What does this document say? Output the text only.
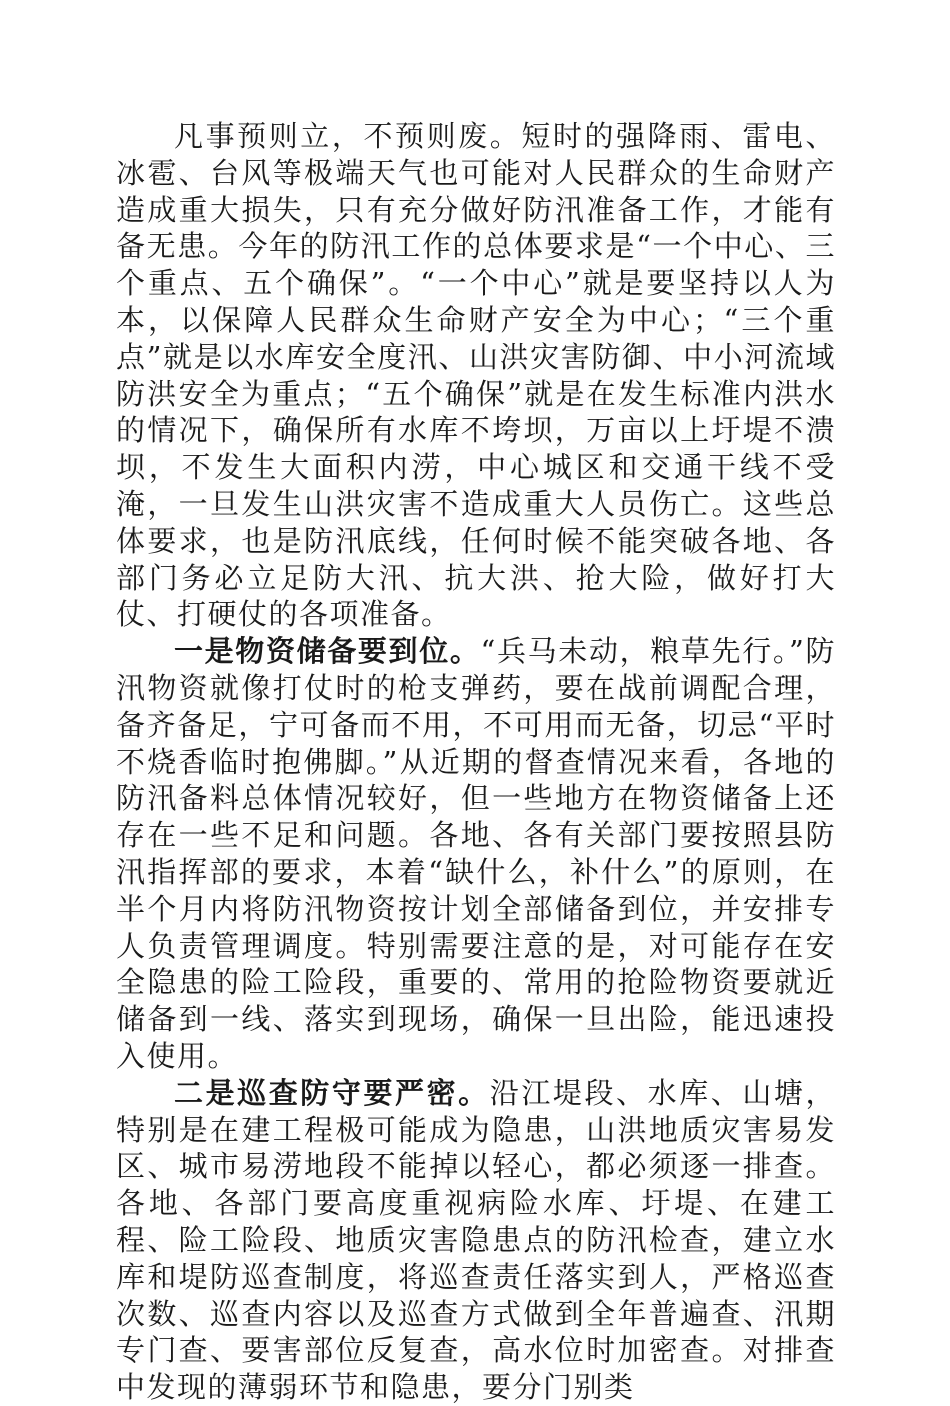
凡事预则立，不预则废。短时的强降雨、雷电、冰雹、台风等极端天气也可能对人民群众的生命财产造成重大损失，只有充分做好防汛准备工作，才能有备无患。今年的防汛工作的总体要求是“一个中心、三个重点、五个确保”。“一个中心”就是要坚持以人为本，以保障人民群众生命财产安全为中心；“三个重点”就是以水库安全度汛、山洪灾害防御、中小河流域防洪安全为重点；“五个确保”就是在发生标准内洪水的情况下，确保所有水库不垮坝，万亩以上圩堤不溃坝，不发生大面积内涝，中心城区和交通干线不受淹，一旦发生山洪灾害不造成重大人员伤亡。这些总体要求，也是防汛底线，任何时候不能突破各地、各部门务必立足防大汛、抗大洪、抢大险，做好打大仗、打硬仗的各项准备。

一是物资储备要到位。“兵马未动，粮草先行。”防汛物资就像打仗时的枪支弹药，要在战前调配合理，备齐备足，宁可备而不用，不可用而无备，切忌“平时不烧香临时抱佛脚。”从近期的督查情况来看，各地的防汛备料总体情况较好，但一些地方在物资储备上还存在一些不足和问题。各地、各有关部门要按照县防汛指挥部的要求，本着“缺什么，补什么”的原则，在半个月内将防汛物资按计划全部储备到位，并安排专人负责管理调度。特别需要注意的是，对可能存在安全隐患的险工险段，重要的、常用的抢险物资要就近储备到一线、落实到现场，确保一旦出险，能迅速投入使用。

二是巡查防守要严密。沿江堤段、水库、山塘，特别是在建工程极可能成为隐患，山洪地质灾害易发区、城市易涝地段不能掉以轻心，都必须逐一排查。各地、各部门要高度重视病险水库、圩堤、在建工程、险工险段、地质灾害隐患点的防汛检查，建立水库和堤防巡查制度，将巡查责任落实到人，严格巡查次数、巡查内容以及巡查方式做到全年普遍查、汛期专门查、要害部位反复查，高水位时加密查。对排查中发现的薄弱环节和隐患，要分门别类
